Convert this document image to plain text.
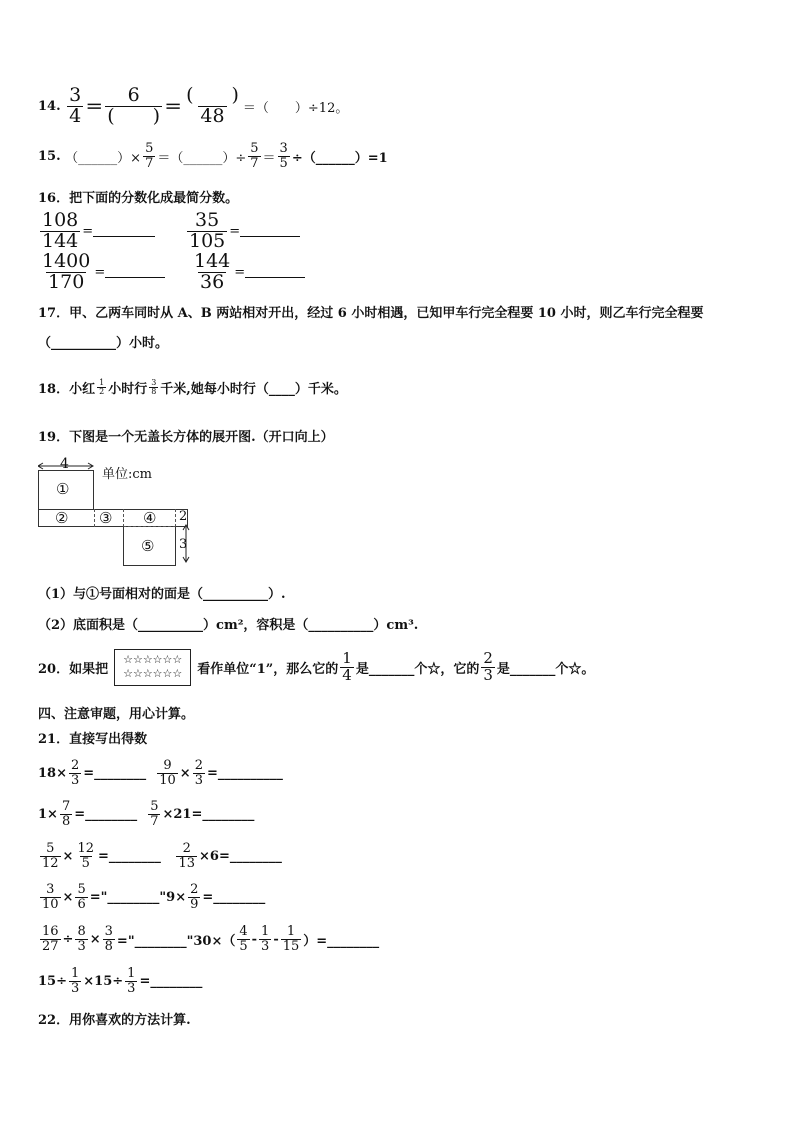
14.
$\frac{3}{4} = \frac{6}{( )} = \frac{( )}{48}$ ＝（　　）÷12。
15.
（______）× $\frac{5}{7}$ ＝（______）÷ $\frac{5}{7} = \frac{3}{5}$ ÷（______）=1
16．把下面的分数化成最简分数。
$\frac{108}{144}$ =	$\frac{35}{105}$ =
$\frac{1400}{170}$ =	$\frac{144}{36}$ =
17．甲、乙两车同时从 A、B 两站相对开出，经过 6 小时相遇，已知甲车行完全程要 10 小时，则乙车行完全程要
（__________）小时。
18．小红 $\frac{1}{2}$ 小时行 $\frac{3}{8}$ 千米,她每小时行（____）千米。
19．下图是一个无盖长方体的展开图.（开口向上）
4
单位:cm
①
② ③ ④ 2
⑤ 3
（1）与①号面相对的面是（__________）.
（2）底面积是（__________）cm²，容积是（__________）cm³.
20．如果把
☆☆☆☆☆☆
☆☆☆☆☆☆ 看作单位“1”，那么它的 $\frac{1}{4}$ 是_______个☆，它的 $\frac{2}{3}$ 是_______个☆。
四、注意审题，用心计算。
21．直接写出得数
$18\times \frac{2}{3}$ =________
$\frac{9}{10} \times \frac{2}{3}$ =__________
$1\times \frac{7}{8}$ =________
$\frac{5}{7}$ ×21=________
$\frac{5}{12} \times \frac{12}{5}$ =________
$\frac{2}{13}$ ×6=________
$\frac{3}{10} \times \frac{5}{6}$ ="________"9× $\frac{2}{9}$ =________
$\frac{16}{27} \div \frac{8}{3} \times \frac{3}{8}$ ="________"30×（ $\frac{4}{5} - \frac{1}{3} - \frac{1}{15}$ ）=________
$15\div \frac{1}{3} \times 15\div \frac{1}{3}$ =________
22．用你喜欢的方法计算.
